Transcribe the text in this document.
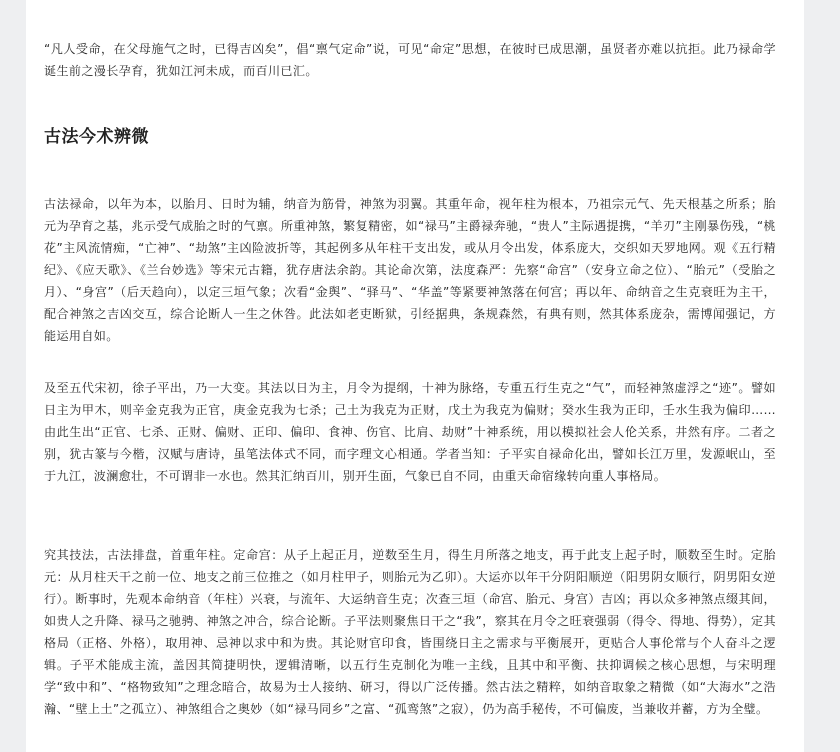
“凡人受命，在父母施气之时，已得吉凶矣”，倡“禀气定命”说，可见“命定”思想，在彼时已成思潮，虽贤者亦难以抗拒。此乃禄命学诞生前之漫长孕育，犹如江河未成，而百川已汇。

古法今术辨微

古法禄命，以年为本，以胎月、日时为辅，纳音为筋骨，神煞为羽翼。其重年命，视年柱为根本，乃祖宗元气、先天根基之所系；胎元为孕育之基，兆示受气成胎之时的气禀。所重神煞，繁复精密，如“禄马”主爵禄奔驰，“贵人”主际遇提携，“羊刃”主刚暴伤残，“桃花”主风流情痴，“亡神”、“劫煞”主凶险波折等，其起例多从年柱干支出发，或从月令出发，体系庞大，交织如天罗地网。观《五行精纪》、《应天歌》、《兰台妙选》等宋元古籍，犹存唐法余韵。其论命次第，法度森严：先察“命宫”（安身立命之位）、“胎元”（受胎之月）、“身宫”（后天趋向），以定三垣气象；次看“金舆”、“驿马”、“华盖”等紧要神煞落在何宫；再以年、命纳音之生克衰旺为主干，配合神煞之吉凶交互，综合论断人一生之休咎。此法如老吏断狱，引经据典，条规森然，有典有则，然其体系庞杂，需博闻强记，方能运用自如。

及至五代宋初，徐子平出，乃一大变。其法以日为主，月令为提纲，十神为脉络，专重五行生克之“气”，而轻神煞虚浮之“迹”。譬如日主为甲木，则辛金克我为正官，庚金克我为七杀；己土为我克为正财，戊土为我克为偏财；癸水生我为正印，壬水生我为偏印……由此生出“正官、七杀、正财、偏财、正印、偏印、食神、伤官、比肩、劫财”十神系统，用以模拟社会人伦关系，井然有序。二者之别，犹古篆与今楷，汉赋与唐诗，虽笔法体式不同，而字理文心相通。学者当知：子平实自禄命化出，譬如长江万里，发源岷山，至于九江，波澜愈壮，不可谓非一水也。然其汇纳百川，别开生面，气象已自不同，由重天命宿缘转向重人事格局。

究其技法，古法排盘，首重年柱。定命宫：从子上起正月，逆数至生月，得生月所落之地支，再于此支上起子时，顺数至生时。定胎元：从月柱天干之前一位、地支之前三位推之（如月柱甲子，则胎元为乙卯）。大运亦以年干分阴阳顺逆（阳男阴女顺行，阴男阳女逆行）。断事时，先观本命纳音（年柱）兴衰，与流年、大运纳音生克；次查三垣（命宫、胎元、身宫）吉凶；再以众多神煞点缀其间，如贵人之升降、禄马之驰骋、神煞之冲合，综合论断。子平法则聚焦日干之“我”，察其在月令之旺衰强弱（得令、得地、得势），定其格局（正格、外格），取用神、忌神以求中和为贵。其论财官印食，皆围绕日主之需求与平衡展开，更贴合人事伦常与个人奋斗之逻辑。子平术能成主流，盖因其简捷明快，逻辑清晰，以五行生克制化为唯一主线，且其中和平衡、扶抑调候之核心思想，与宋明理学“致中和”、“格物致知”之理念暗合，故易为士人接纳、研习，得以广泛传播。然古法之精粹，如纳音取象之精微（如“大海水”之浩瀚、“壁上土”之孤立）、神煞组合之奥妙（如“禄马同乡”之富、“孤鸾煞”之寂），仍为高手秘传，不可偏废，当兼收并蓄，方为全璧。
